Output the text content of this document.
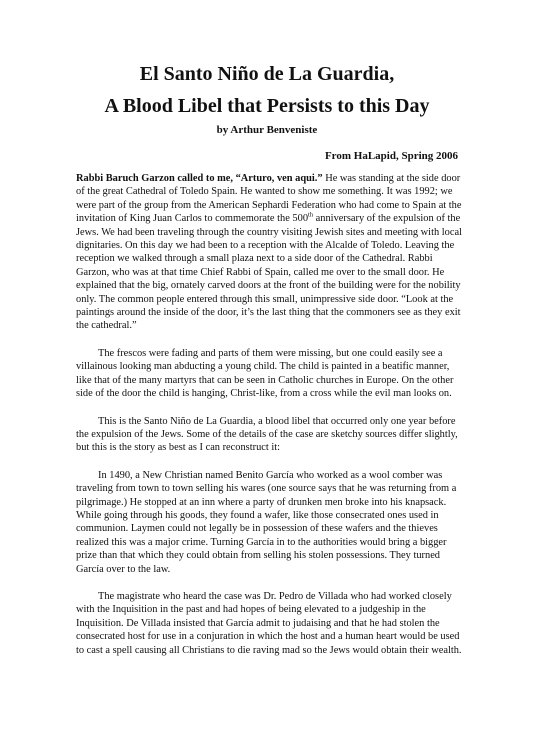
El Santo Niño de La Guardia,
A Blood Libel that Persists to this Day
by Arthur Benveniste
From HaLapid, Spring 2006

Rabbi Baruch Garzon called to me, “Arturo, ven aqui.” He was standing at the side door of the great Cathedral of Toledo Spain. He wanted to show me something. It was 1992; we were part of the group from the American Sephardi Federation who had come to Spain at the invitation of King Juan Carlos to commemorate the 500th anniversary of the expulsion of the Jews. We had been traveling through the country visiting Jewish sites and meeting with local dignitaries. On this day we had been to a reception with the Alcalde of Toledo. Leaving the reception we walked through a small plaza next to a side door of the Cathedral. Rabbi Garzon, who was at that time Chief Rabbi of Spain, called me over to the small door. He explained that the big, ornately carved doors at the front of the building were for the nobility only. The common people entered through this small, unimpressive side door. “Look at the paintings around the inside of the door, it’s the last thing that the commoners see as they exit the cathedral.”

The frescos were fading and parts of them were missing, but one could easily see a villainous looking man abducting a young child. The child is painted in a beatific manner, like that of the many martyrs that can be seen in Catholic churches in Europe. On the other side of the door the child is hanging, Christ-like, from a cross while the evil man looks on.

This is the Santo Niño de La Guardia, a blood libel that occurred only one year before the expulsion of the Jews. Some of the details of the case are sketchy sources differ slightly, but this is the story as best as I can reconstruct it:

In 1490, a New Christian named Benito García who worked as a wool comber was traveling from town to town selling his wares (one source says that he was returning from a pilgrimage.) He stopped at an inn where a party of drunken men broke into his knapsack. While going through his goods, they found a wafer, like those consecrated ones used in communion. Laymen could not legally be in possession of these wafers and the thieves realized this was a major crime. Turning García in to the authorities would bring a bigger prize than that which they could obtain from selling his stolen possessions. They turned García over to the law.

The magistrate who heard the case was Dr. Pedro de Villada who had worked closely with the Inquisition in the past and had hopes of being elevated to a judgeship in the Inquisition. De Villada insisted that García admit to judaising and that he had stolen the consecrated host for use in a conjuration in which the host and a human heart would be used to cast a spell causing all Christians to die raving mad so the Jews would obtain their wealth.
